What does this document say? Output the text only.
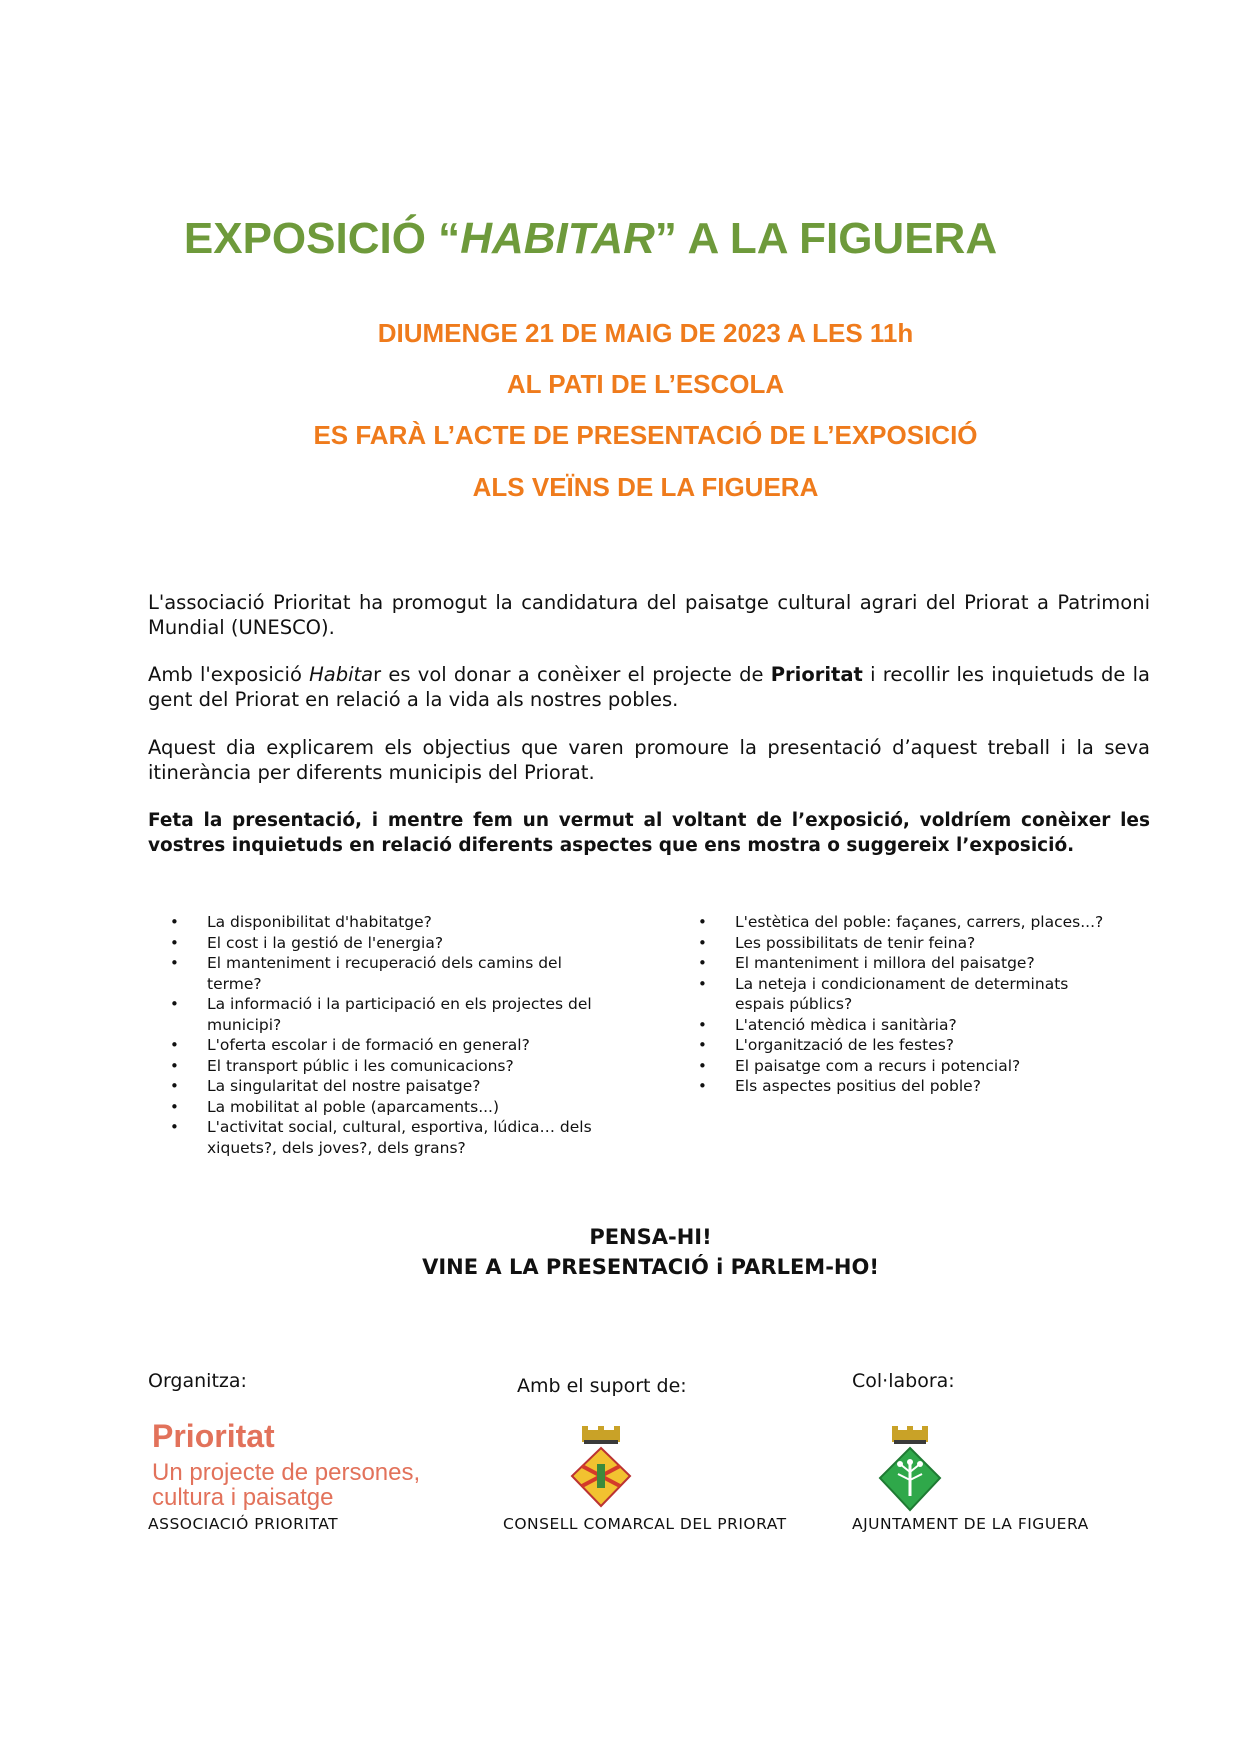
EXPOSICIÓ “HABITAR” A LA FIGUERA
DIUMENGE 21 DE MAIG DE 2023 A LES 11h
AL PATI DE L’ESCOLA
ES FARÀ L’ACTE DE PRESENTACIÓ DE L’EXPOSICIÓ
ALS VEÏNS DE LA FIGUERA
L'associació Prioritat ha promogut la candidatura del paisatge cultural agrari del Priorat a Patrimoni Mundial (UNESCO).
Amb l'exposició Habitar es vol donar a conèixer el projecte de Prioritat i recollir les inquietuds de la gent del Priorat en relació a la vida als nostres pobles.
Aquest dia explicarem els objectius que varen promoure la presentació d’aquest treball i la seva itinerància per diferents municipis del Priorat.
Feta la presentació, i mentre fem un vermut al voltant de l’exposició, voldríem conèixer les vostres inquietuds en relació diferents aspectes que ens mostra o suggereix l’exposició.
• La disponibilitat d'habitatge?
• El cost i la gestió de l'energia?
• El manteniment i recuperació dels camins del terme?
• La informació i la participació en els projectes del municipi?
• L'oferta escolar i de formació en general?
• El transport públic i les comunicacions?
• La singularitat del nostre paisatge?
• La mobilitat al poble (aparcaments...)
• L'activitat social, cultural, esportiva, lúdica… dels xiquets?, dels joves?, dels grans?
• L'estètica del poble: façanes, carrers, places...?
• Les possibilitats de tenir feina?
• El manteniment i millora del paisatge?
• La neteja i condicionament de determinats espais públics?
• L'atenció mèdica i sanitària?
• L'organització de les festes?
• El paisatge com a recurs i potencial?
• Els aspectes positius del poble?
PENSA-HI!
VINE A LA PRESENTACIÓ i PARLEM-HO!
Organitza:	Amb el suport de:	Col·labora:
Prioritat
Un projecte de persones,
cultura i paisatge
ASSOCIACIÓ PRIORITAT	CONSELL COMARCAL DEL PRIORAT	AJUNTAMENT DE LA FIGUERA
